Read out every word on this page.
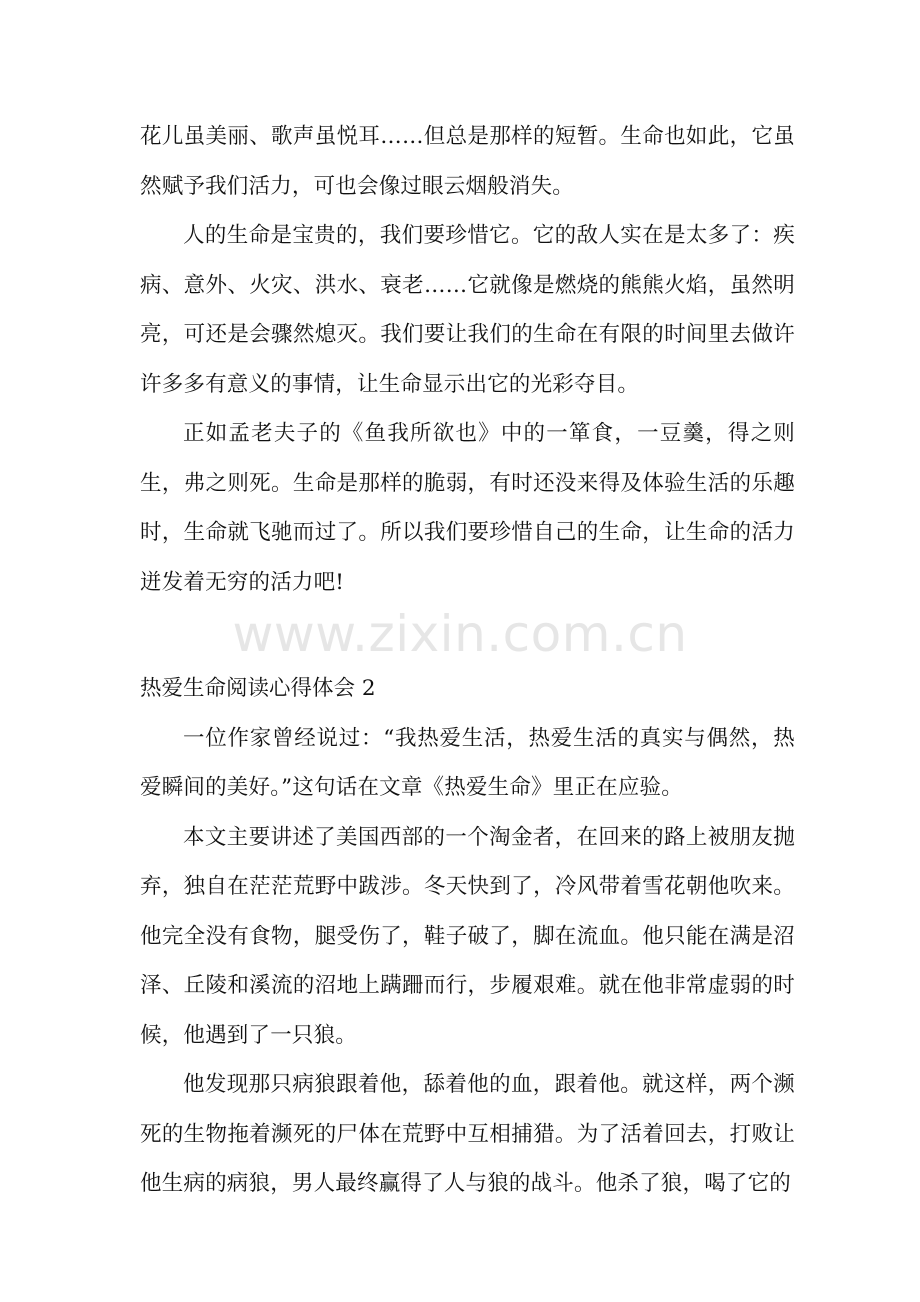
花儿虽美丽、歌声虽悦耳……但总是那样的短暂。生命也如此，它虽然赋予我们活力，可也会像过眼云烟般消失。

人的生命是宝贵的，我们要珍惜它。它的敌人实在是太多了：疾病、意外、火灾、洪水、衰老……它就像是燃烧的熊熊火焰，虽然明亮，可还是会骤然熄灭。我们要让我们的生命在有限的时间里去做许许多多有意义的事情，让生命显示出它的光彩夺目。

正如孟老夫子的《鱼我所欲也》中的一箪食，一豆羹，得之则生，弗之则死。生命是那样的脆弱，有时还没来得及体验生活的乐趣时，生命就飞驰而过了。所以我们要珍惜自己的生命，让生命的活力迸发着无穷的活力吧!

热爱生命阅读心得体会 2

一位作家曾经说过：“我热爱生活，热爱生活的真实与偶然，热爱瞬间的美好。”这句话在文章《热爱生命》里正在应验。

本文主要讲述了美国西部的一个淘金者，在回来的路上被朋友抛弃，独自在茫茫荒野中跋涉。冬天快到了，冷风带着雪花朝他吹来。他完全没有食物，腿受伤了，鞋子破了，脚在流血。他只能在满是沼泽、丘陵和溪流的沼地上蹒跚而行，步履艰难。就在他非常虚弱的时候，他遇到了一只狼。

他发现那只病狼跟着他，舔着他的血，跟着他。就这样，两个濒死的生物拖着濒死的尸体在荒野中互相捕猎。为了活着回去，打败让他生病的病狼，男人最终赢得了人与狼的战斗。他杀了狼，喝了它的

www.zixin.com.cn
